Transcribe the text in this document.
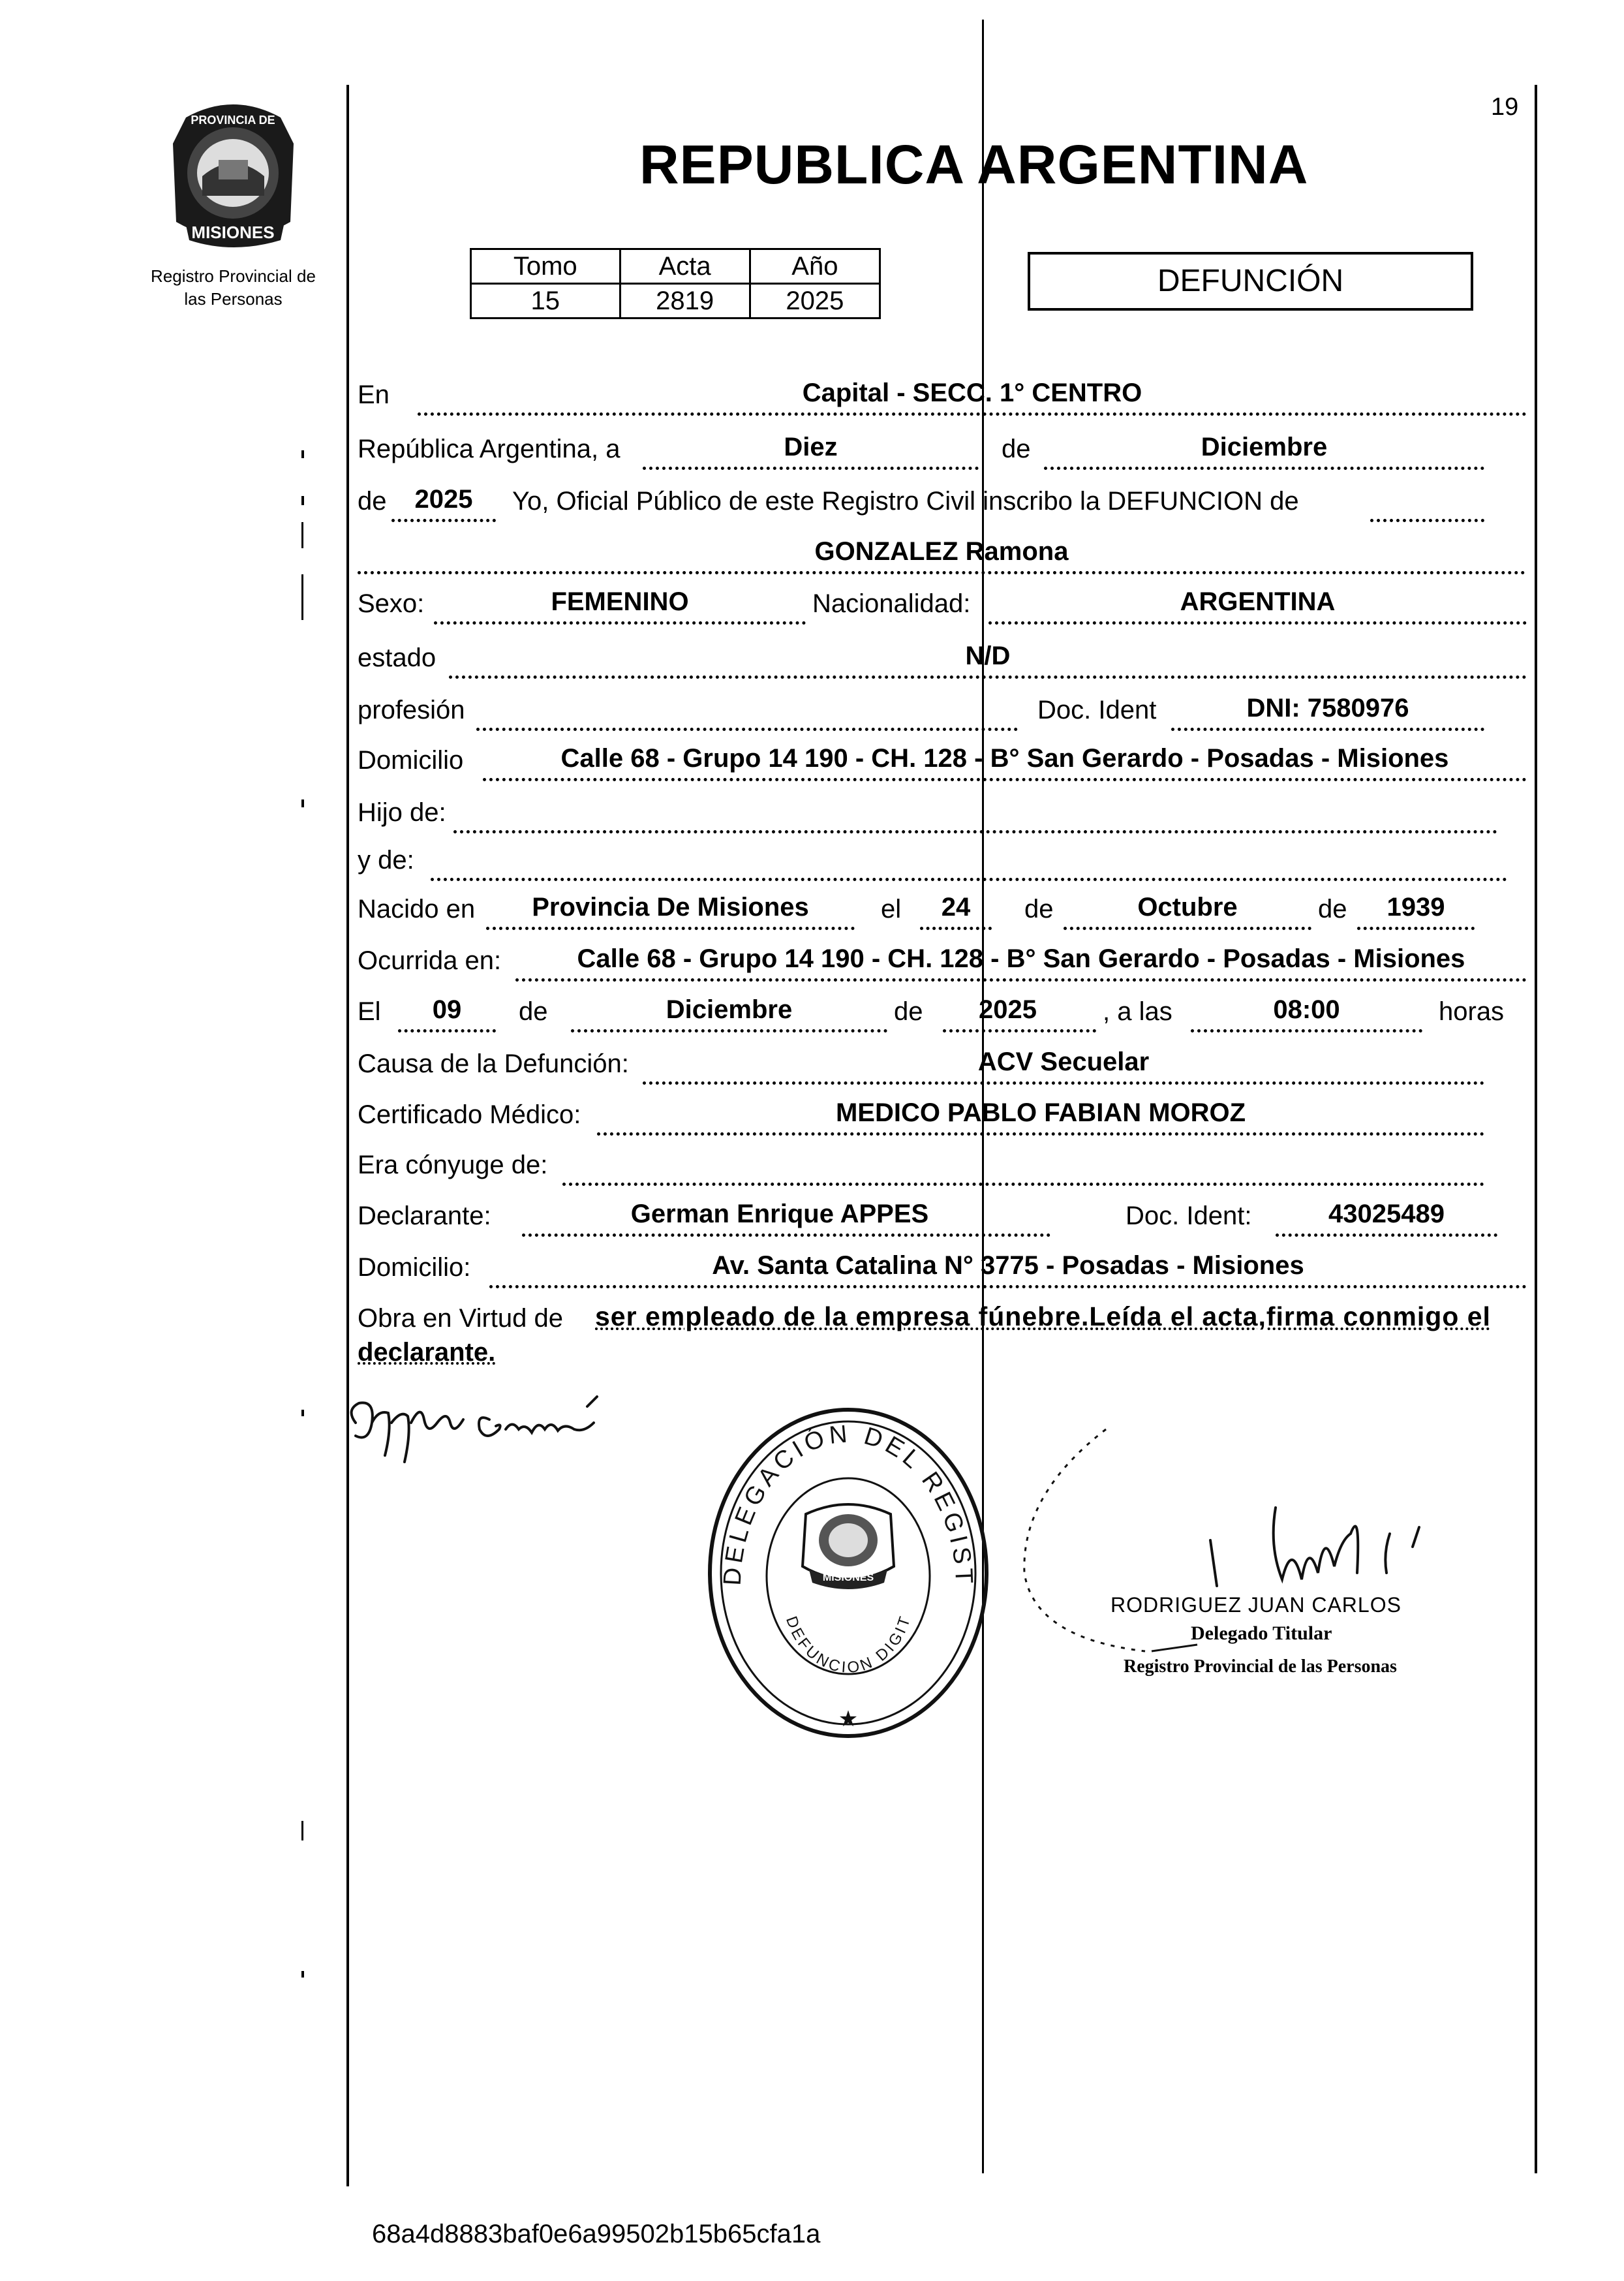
19
MISIONES
PROVINCIA DE
Registro Provincial de
las Personas
REPUBLICA ARGENTINA
Tomo	Acta	Año
15	2819	2025
DEFUNCIÓN
En	Capital - SECC. 1° CENTRO
República Argentina, a	Diez	de	Diciembre
de	2025	Yo, Oficial Público de este Registro Civil inscribo la DEFUNCION de
GONZALEZ Ramona
Sexo:	FEMENINO	Nacionalidad:	ARGENTINA
estado	N/D
profesión	Doc. Ident	DNI: 7580976
Domicilio	Calle 68 - Grupo 14 190 - CH. 128 - B° San Gerardo - Posadas - Misiones
Hijo de:
y de:
Nacido en	Provincia De Misiones	el	24	de	Octubre	de	1939
Ocurrida en:	Calle 68 - Grupo 14 190 - CH. 128 - B° San Gerardo - Posadas - Misiones
El	09	de	Diciembre	de	2025	, a las	08:00	horas
Causa de la Defunción:	ACV Secuelar
Certificado Médico:	MEDICO PABLO FABIAN MOROZ
Era cónyuge de:
Declarante:	German Enrique APPES	Doc. Ident:	43025489
Domicilio:	Av. Santa Catalina N° 3775 - Posadas - Misiones
Obra en Virtud de ser empleado de la empresa fúnebre.Leída el acta,firma conmigo el
declarante.
DELEGACIÓN DEL REGIST
DEFUNCION DIGIT
MISIONES
★
RODRIGUEZ JUAN CARLOS
Delegado Titular
Registro Provincial de las Personas
68a4d8883baf0e6a99502b15b65cfa1a
